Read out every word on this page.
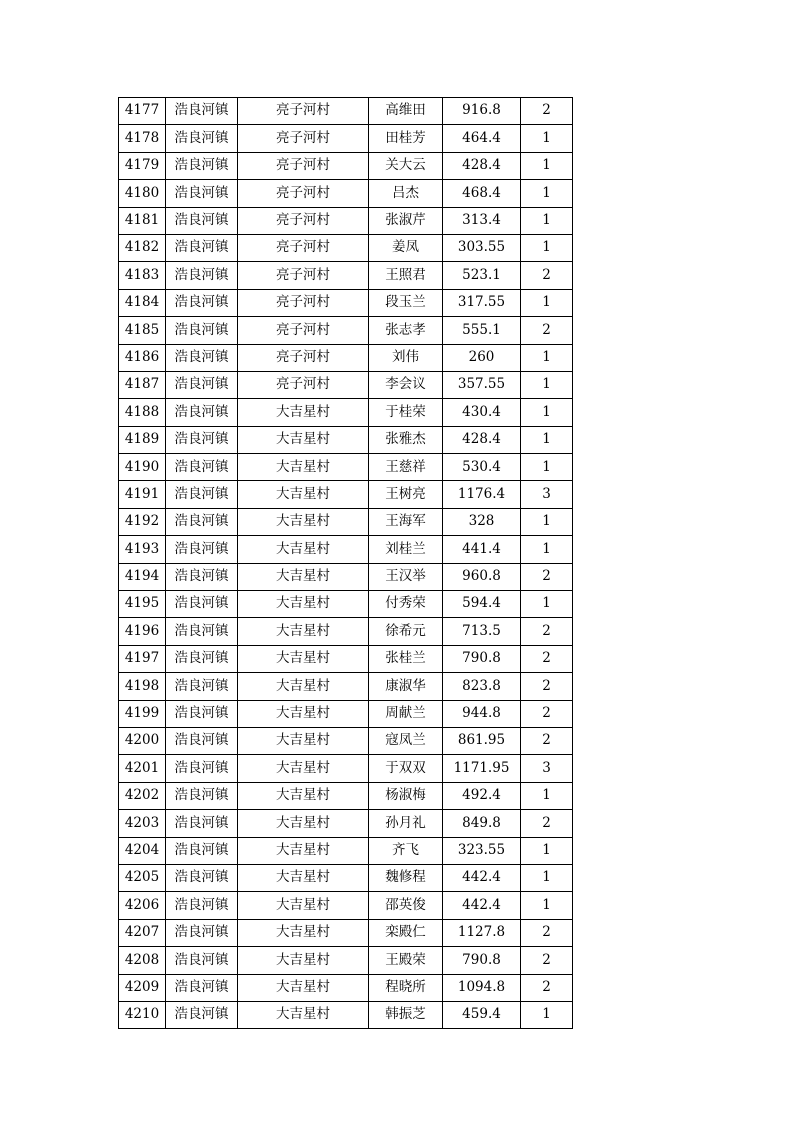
4177	浩良河镇	亮子河村	高维田	916.8	2
4178	浩良河镇	亮子河村	田桂芳	464.4	1
4179	浩良河镇	亮子河村	关大云	428.4	1
4180	浩良河镇	亮子河村	吕杰	468.4	1
4181	浩良河镇	亮子河村	张淑芹	313.4	1
4182	浩良河镇	亮子河村	姜凤	303.55	1
4183	浩良河镇	亮子河村	王照君	523.1	2
4184	浩良河镇	亮子河村	段玉兰	317.55	1
4185	浩良河镇	亮子河村	张志孝	555.1	2
4186	浩良河镇	亮子河村	刘伟	260	1
4187	浩良河镇	亮子河村	李会议	357.55	1
4188	浩良河镇	大吉星村	于桂荣	430.4	1
4189	浩良河镇	大吉星村	张雅杰	428.4	1
4190	浩良河镇	大吉星村	王慈祥	530.4	1
4191	浩良河镇	大吉星村	王树亮	1176.4	3
4192	浩良河镇	大吉星村	王海军	328	1
4193	浩良河镇	大吉星村	刘桂兰	441.4	1
4194	浩良河镇	大吉星村	王汉举	960.8	2
4195	浩良河镇	大吉星村	付秀荣	594.4	1
4196	浩良河镇	大吉星村	徐希元	713.5	2
4197	浩良河镇	大吉星村	张桂兰	790.8	2
4198	浩良河镇	大吉星村	康淑华	823.8	2
4199	浩良河镇	大吉星村	周献兰	944.8	2
4200	浩良河镇	大吉星村	寇凤兰	861.95	2
4201	浩良河镇	大吉星村	于双双	1171.95	3
4202	浩良河镇	大吉星村	杨淑梅	492.4	1
4203	浩良河镇	大吉星村	孙月礼	849.8	2
4204	浩良河镇	大吉星村	齐飞	323.55	1
4205	浩良河镇	大吉星村	魏修程	442.4	1
4206	浩良河镇	大吉星村	邵英俊	442.4	1
4207	浩良河镇	大吉星村	栾殿仁	1127.8	2
4208	浩良河镇	大吉星村	王殿荣	790.8	2
4209	浩良河镇	大吉星村	程晓所	1094.8	2
4210	浩良河镇	大吉星村	韩振芝	459.4	1
